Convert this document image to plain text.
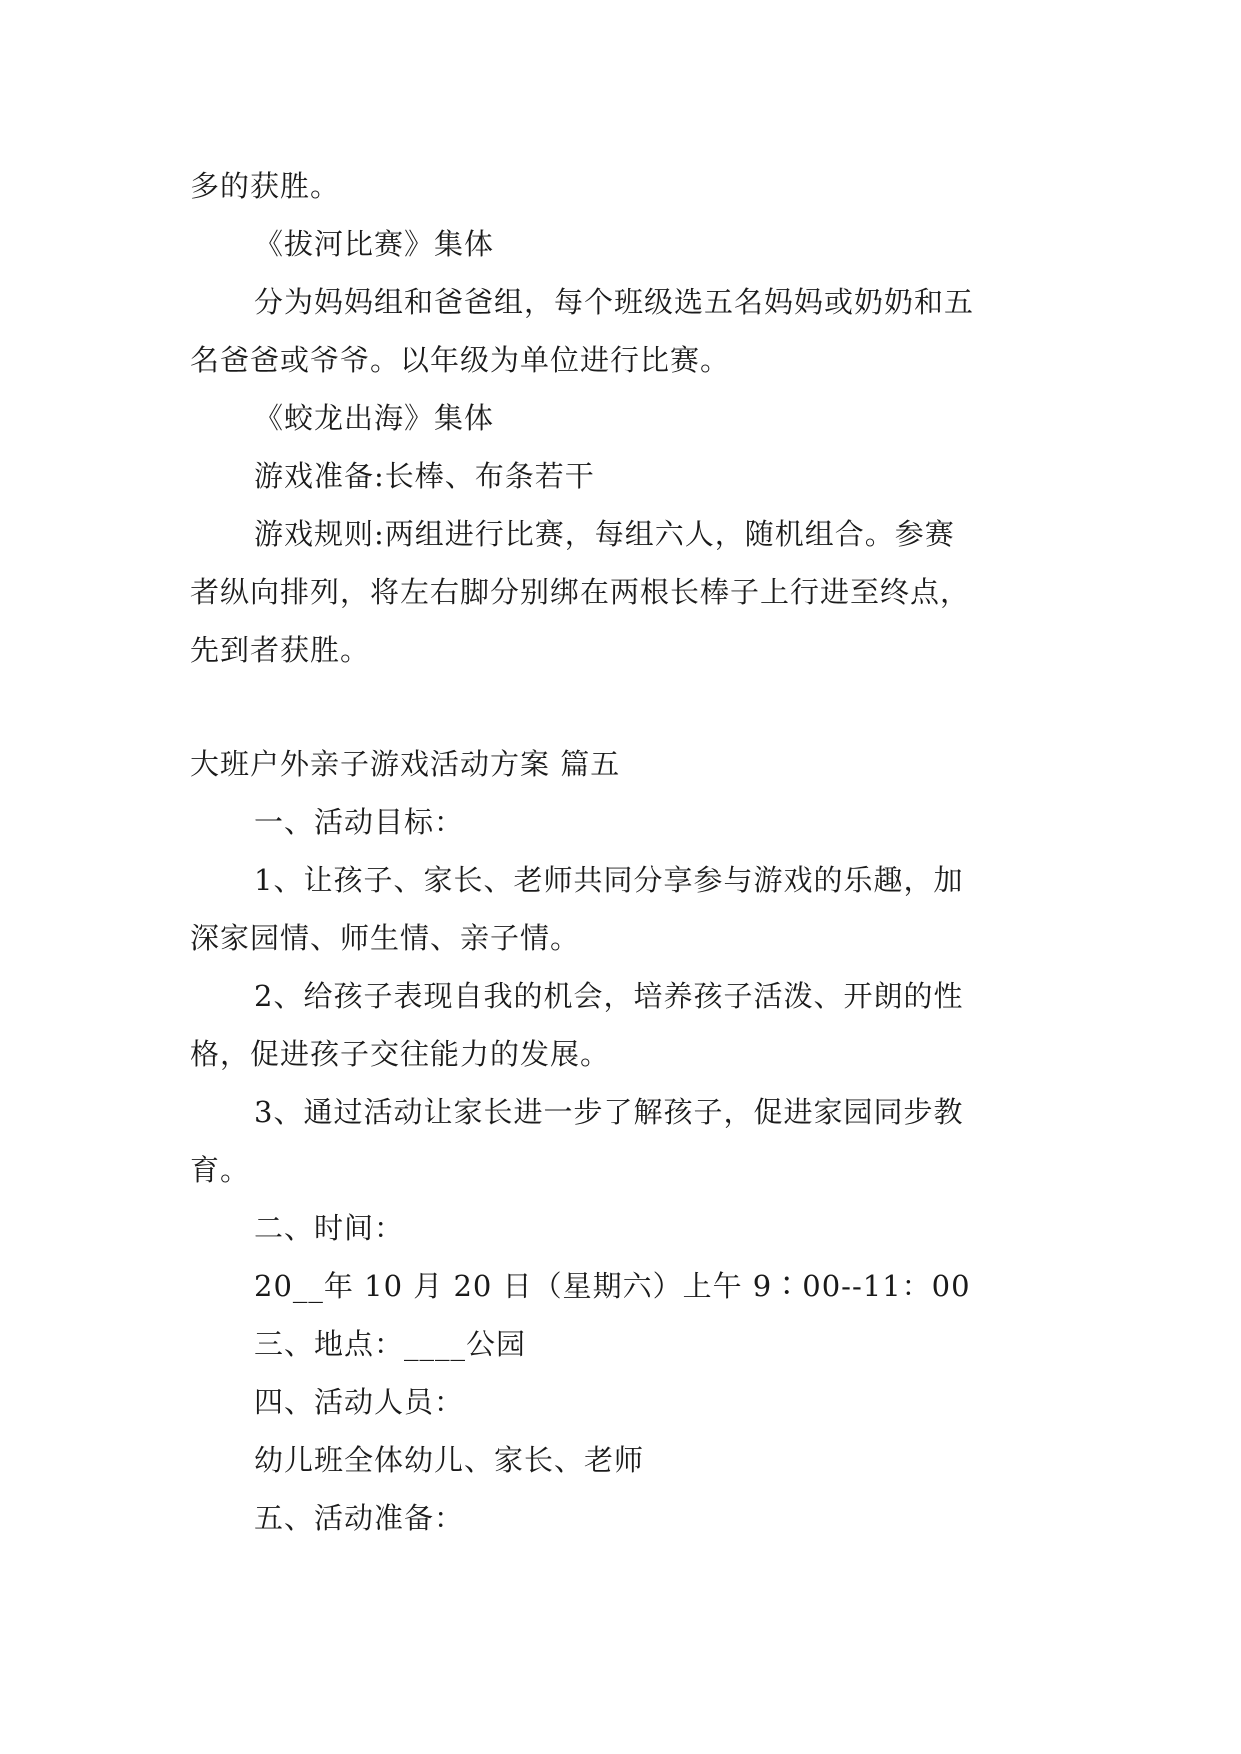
多的获胜。
《拔河比赛》集体
分为妈妈组和爸爸组，每个班级选五名妈妈或奶奶和五
名爸爸或爷爷。以年级为单位进行比赛。
《蛟龙出海》集体
游戏准备:长棒、布条若干
游戏规则:两组进行比赛，每组六人，随机组合。参赛
者纵向排列，将左右脚分别绑在两根长棒子上行进至终点，
先到者获胜。
大班户外亲子游戏活动方案 篇五
一、活动目标：
1、让孩子、家长、老师共同分享参与游戏的乐趣，加
深家园情、师生情、亲子情。
2、给孩子表现自我的机会，培养孩子活泼、开朗的性
格，促进孩子交往能力的发展。
3、通过活动让家长进一步了解孩子，促进家园同步教
育。
二、时间：
20__年 10 月 20 日（星期六）上午 9∶00--11：00
三、地点：____公园
四、活动人员：
幼儿班全体幼儿、家长、老师
五、活动准备：
